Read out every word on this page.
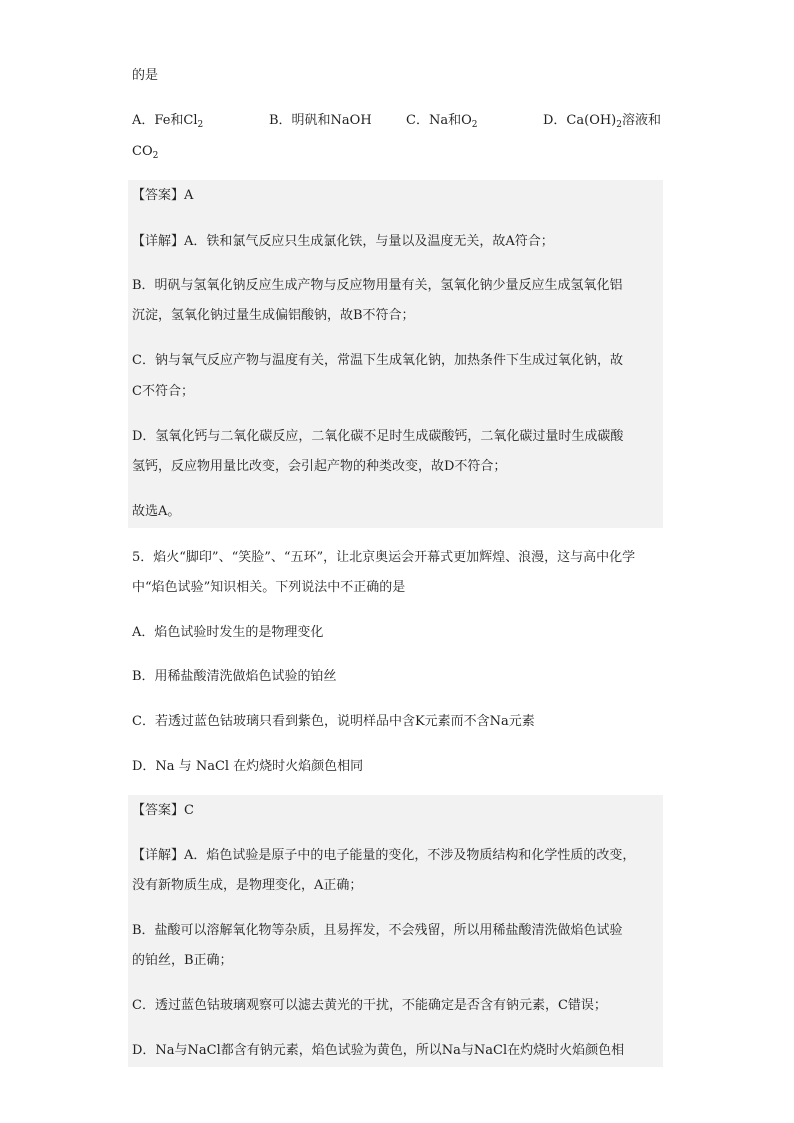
的是
A．Fe和$Cl_2$	B．明矾和NaOH	C．Na和$O_2$	D．$Ca(OH)_2$溶液和
$CO_2$
【答案】A
【详解】A．铁和氯气反应只生成氯化铁，与量以及温度无关，故A符合；
B．明矾与氢氧化钠反应生成产物与反应物用量有关，氢氧化钠少量反应生成氢氧化铝
沉淀，氢氧化钠过量生成偏铝酸钠，故B不符合；
C．钠与氧气反应产物与温度有关，常温下生成氧化钠，加热条件下生成过氧化钠，故
C不符合；
D．氢氧化钙与二氧化碳反应，二氧化碳不足时生成碳酸钙，二氧化碳过量时生成碳酸
氢钙，反应物用量比改变，会引起产物的种类改变，故D不符合；
故选A。
5．焰火“脚印”、“笑脸”、“五环”，让北京奥运会开幕式更加辉煌、浪漫，这与高中化学
中“焰色试验”知识相关。下列说法中不正确的是
A．焰色试验时发生的是物理变化
B．用稀盐酸清洗做焰色试验的铂丝
C．若透过蓝色钴玻璃只看到紫色，说明样品中含K元素而不含Na元素
D．Na 与 NaCl 在灼烧时火焰颜色相同
【答案】C
【详解】A．焰色试验是原子中的电子能量的变化，不涉及物质结构和化学性质的改变，
没有新物质生成，是物理变化，A正确；
B．盐酸可以溶解氧化物等杂质，且易挥发，不会残留，所以用稀盐酸清洗做焰色试验
的铂丝，B正确；
C．透过蓝色钴玻璃观察可以滤去黄光的干扰，不能确定是否含有钠元素，C错误；
D．Na与NaCl都含有钠元素，焰色试验为黄色，所以Na与NaCl在灼烧时火焰颜色相
